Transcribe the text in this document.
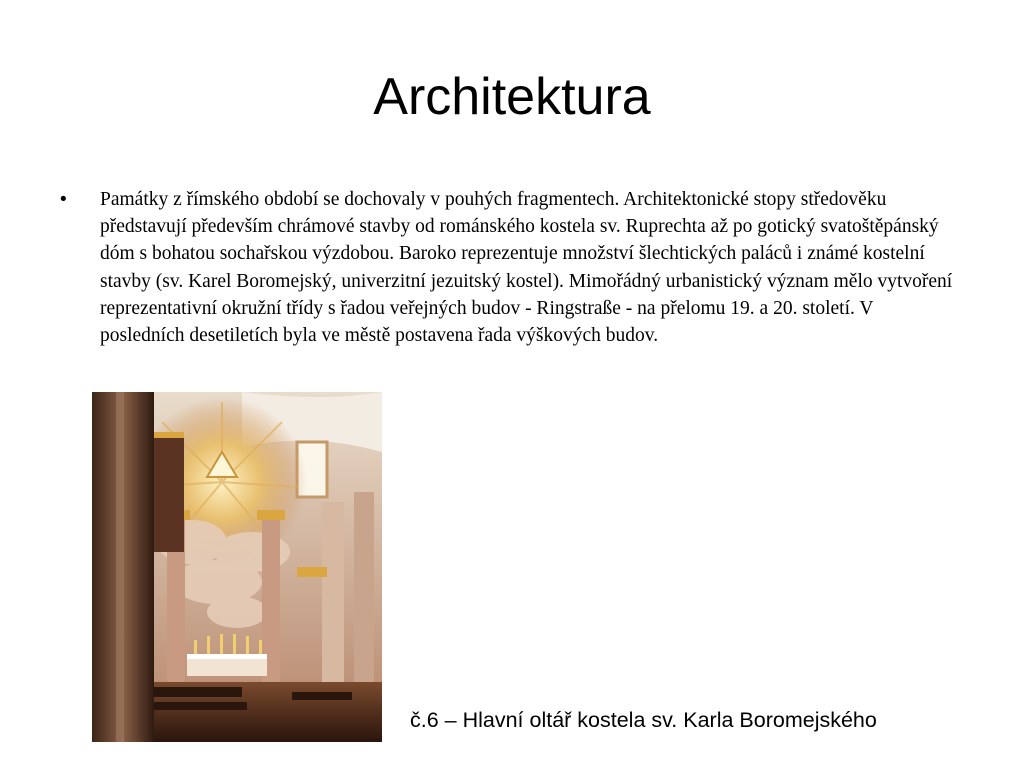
Architektura
• Památky z římského období se dochovaly v pouhých fragmentech. Architektonické stopy středověku představují především chrámové stavby od románského kostela sv. Ruprechta až po gotický svatoštěpánský dóm s bohatou sochařskou výzdobou. Baroko reprezentuje množství šlechtických paláců i známé kostelní stavby (sv. Karel Boromejský, univerzitní jezuitský kostel). Mimořádný urbanistický význam mělo vytvoření reprezentativní okružní třídy s řadou veřejných budov - Ringstraße - na přelomu 19. a 20. století. V posledních desetiletích byla ve městě postavena řada výškových budov.
č.6 – Hlavní oltář kostela sv. Karla Boromejského
